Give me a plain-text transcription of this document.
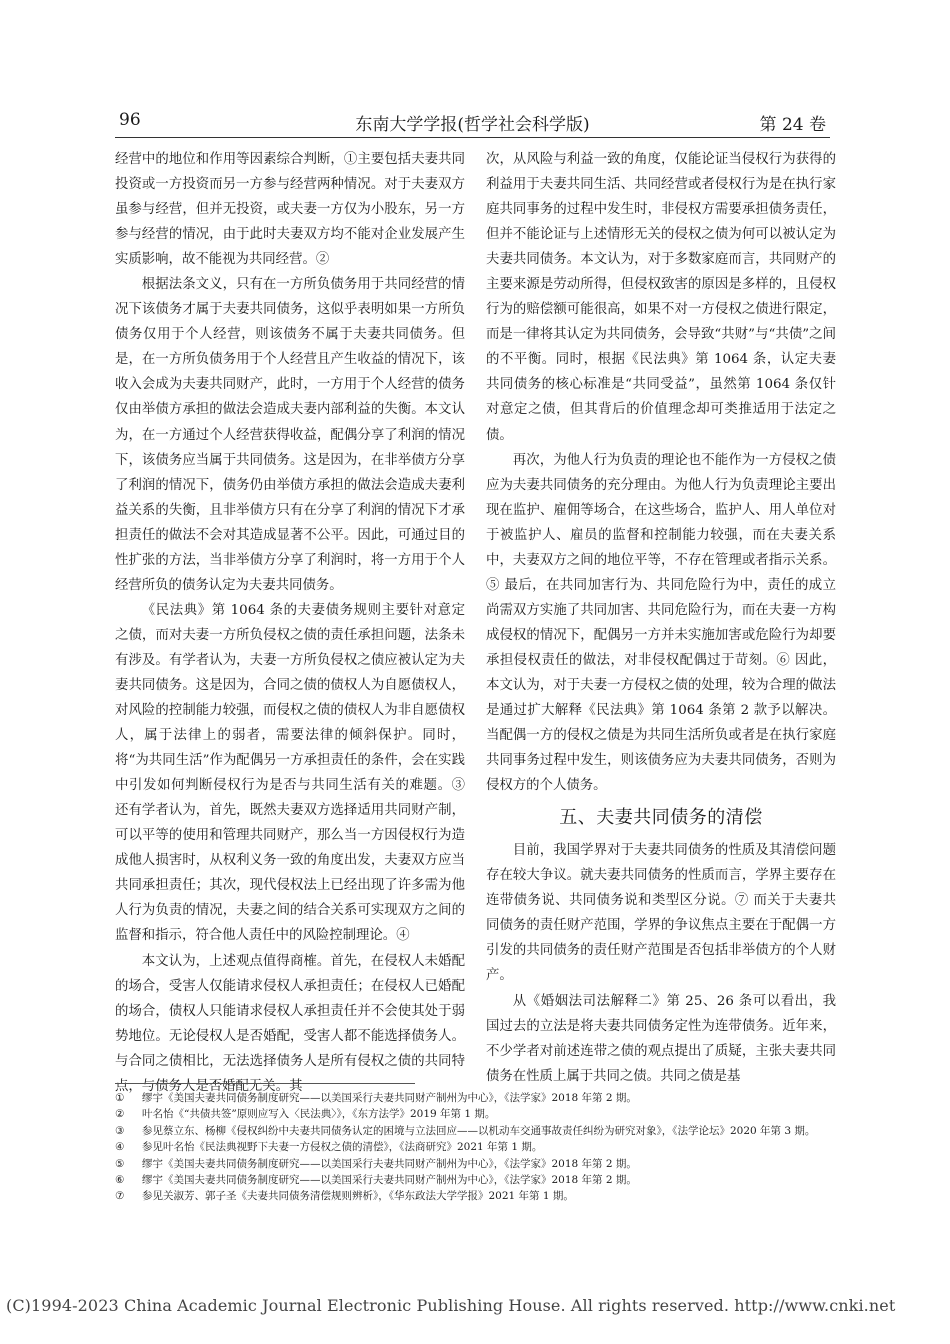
96	东南大学学报(哲学社会科学版)	第 24 卷

经营中的地位和作用等因素综合判断，①主要包括夫妻共同投资或一方投资而另一方参与经营两种情况。对于夫妻双方虽参与经营，但并无投资，或夫妻一方仅为小股东，另一方参与经营的情况，由于此时夫妻双方均不能对企业发展产生实质影响，故不能视为共同经营。②

根据法条文义，只有在一方所负债务用于共同经营的情况下该债务才属于夫妻共同债务，这似乎表明如果一方所负债务仅用于个人经营，则该债务不属于夫妻共同债务。但是，在一方所负债务用于个人经营且产生收益的情况下，该收入会成为夫妻共同财产，此时，一方用于个人经营的债务仅由举债方承担的做法会造成夫妻内部利益的失衡。本文认为，在一方通过个人经营获得收益，配偶分享了利润的情况下，该债务应当属于共同债务。这是因为，在非举债方分享了利润的情况下，债务仍由举债方承担的做法会造成夫妻利益关系的失衡，且非举债方只有在分享了利润的情况下才承担责任的做法不会对其造成显著不公平。因此，可通过目的性扩张的方法，当非举债方分享了利润时，将一方用于个人经营所负的债务认定为夫妻共同债务。

《民法典》第 1064 条的夫妻债务规则主要针对意定之债，而对夫妻一方所负侵权之债的责任承担问题，法条未有涉及。有学者认为，夫妻一方所负侵权之债应被认定为夫妻共同债务。这是因为，合同之债的债权人为自愿债权人，对风险的控制能力较强，而侵权之债的债权人为非自愿债权人，属于法律上的弱者，需要法律的倾斜保护。同时，将“为共同生活”作为配偶另一方承担责任的条件，会在实践中引发如何判断侵权行为是否与共同生活有关的难题。③ 还有学者认为，首先，既然夫妻双方选择适用共同财产制，可以平等的使用和管理共同财产，那么当一方因侵权行为造成他人损害时，从权利义务一致的角度出发，夫妻双方应当共同承担责任；其次，现代侵权法上已经出现了许多需为他人行为负责的情况，夫妻之间的结合关系可实现双方之间的监督和指示，符合他人责任中的风险控制理论。④

本文认为，上述观点值得商榷。首先，在侵权人未婚配的场合，受害人仅能请求侵权人承担责任；在侵权人已婚配的场合，债权人只能请求侵权人承担责任并不会使其处于弱势地位。无论侵权人是否婚配，受害人都不能选择债务人。与合同之债相比，无法选择债务人是所有侵权之债的共同特点，与债务人是否婚配无关。其

次，从风险与利益一致的角度，仅能论证当侵权行为获得的利益用于夫妻共同生活、共同经营或者侵权行为是在执行家庭共同事务的过程中发生时，非侵权方需要承担债务责任，但并不能论证与上述情形无关的侵权之债为何可以被认定为夫妻共同债务。本文认为，对于多数家庭而言，共同财产的主要来源是劳动所得，但侵权致害的原因是多样的，且侵权行为的赔偿额可能很高，如果不对一方侵权之债进行限定，而是一律将其认定为共同债务，会导致“共财”与“共债”之间的不平衡。同时，根据《民法典》第 1064 条，认定夫妻共同债务的核心标准是“共同受益”，虽然第 1064 条仅针对意定之债，但其背后的价值理念却可类推适用于法定之债。

再次，为他人行为负责的理论也不能作为一方侵权之债应为夫妻共同债务的充分理由。为他人行为负责理论主要出现在监护、雇佣等场合，在这些场合，监护人、用人单位对于被监护人、雇员的监督和控制能力较强，而在夫妻关系中，夫妻双方之间的地位平等，不存在管理或者指示关系。⑤ 最后，在共同加害行为、共同危险行为中，责任的成立尚需双方实施了共同加害、共同危险行为，而在夫妻一方构成侵权的情况下，配偶另一方并未实施加害或危险行为却要承担侵权责任的做法，对非侵权配偶过于苛刻。⑥ 因此，本文认为，对于夫妻一方侵权之债的处理，较为合理的做法是通过扩大解释《民法典》第 1064 条第 2 款予以解决。当配偶一方的侵权之债是为共同生活所负或者是在执行家庭共同事务过程中发生，则该债务应为夫妻共同债务，否则为侵权方的个人债务。

五、夫妻共同债务的清偿

目前，我国学界对于夫妻共同债务的性质及其清偿问题存在较大争议。就夫妻共同债务的性质而言，学界主要存在连带债务说、共同债务说和类型区分说。⑦ 而关于夫妻共同债务的责任财产范围，学界的争议焦点主要在于配偶一方引发的共同债务的责任财产范围是否包括非举债方的个人财产。

从《婚姻法司法解释二》第 25、26 条可以看出，我国过去的立法是将夫妻共同债务定性为连带债务。近年来，不少学者对前述连带之债的观点提出了质疑，主张夫妻共同债务在性质上属于共同之债。共同之债是基

① 缪宇《美国夫妻共同债务制度研究——以美国采行夫妻共同财产制州为中心》，《法学家》2018 年第 2 期。
② 叶名怡《“共债共签”原则应写入〈民法典〉》，《东方法学》2019 年第 1 期。
③ 参见蔡立东、杨柳《侵权纠纷中夫妻共同债务认定的困境与立法回应——以机动车交通事故责任纠纷为研究对象》，《法学论坛》2020 年第 3 期。
④ 参见叶名怡《民法典视野下夫妻一方侵权之债的清偿》，《法商研究》2021 年第 1 期。
⑤ 缪宇《美国夫妻共同债务制度研究——以美国采行夫妻共同财产制州为中心》，《法学家》2018 年第 2 期。
⑥ 缪宇《美国夫妻共同债务制度研究——以美国采行夫妻共同财产制州为中心》，《法学家》2018 年第 2 期。
⑦ 参见关淑芳、郭子圣《夫妻共同债务清偿规则辨析》，《华东政法大学学报》2021 年第 1 期。
(C)1994-2023 China Academic Journal Electronic Publishing House. All rights reserved. http://www.cnki.net
